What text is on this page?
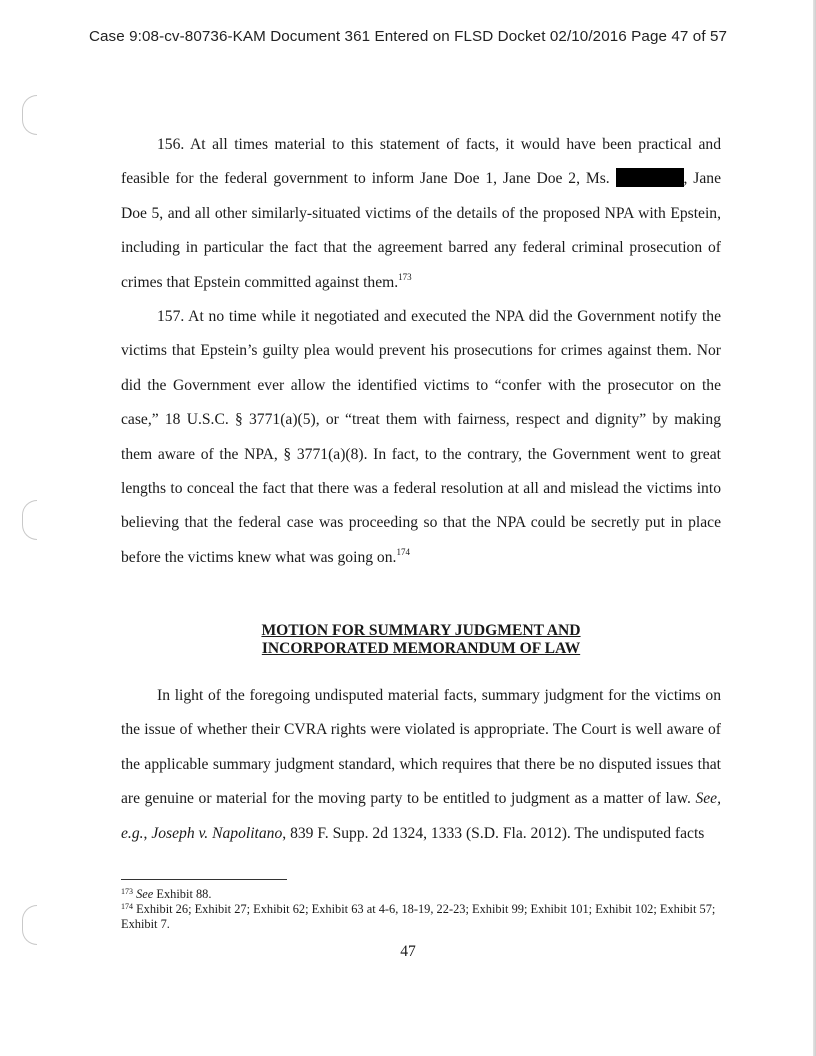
Case 9:08-cv-80736-KAM Document 361 Entered on FLSD Docket 02/10/2016 Page 47 of 57

156. At all times material to this statement of facts, it would have been practical and feasible for the federal government to inform Jane Doe 1, Jane Doe 2, Ms.	, Jane Doe 5, and all other similarly-situated victims of the details of the proposed NPA with Epstein, including in particular the fact that the agreement barred any federal criminal prosecution of crimes that Epstein committed against them.$^{173}$

157. At no time while it negotiated and executed the NPA did the Government notify the victims that Epstein’s guilty plea would prevent his prosecutions for crimes against them. Nor did the Government ever allow the identified victims to “confer with the prosecutor on the case,” 18 U.S.C. § 3771(a)(5), or “treat them with fairness, respect and dignity” by making them aware of the NPA, § 3771(a)(8). In fact, to the contrary, the Government went to great lengths to conceal the fact that there was a federal resolution at all and mislead the victims into believing that the federal case was proceeding so that the NPA could be secretly put in place before the victims knew what was going on.$^{174}$

MOTION FOR SUMMARY JUDGMENT AND
INCORPORATED MEMORANDUM OF LAW

In light of the foregoing undisputed material facts, summary judgment for the victims on the issue of whether their CVRA rights were violated is appropriate. The Court is well aware of the applicable summary judgment standard, which requires that there be no disputed issues that are genuine or material for the moving party to be entitled to judgment as a matter of law. See, e.g., Joseph v. Napolitano, 839 F. Supp. 2d 1324, 1333 (S.D. Fla. 2012). The undisputed facts

$^{173}$ See Exhibit 88.

$^{174}$ Exhibit 26; Exhibit 27; Exhibit 62; Exhibit 63 at 4-6, 18-19, 22-23; Exhibit 99; Exhibit 101; Exhibit 102; Exhibit 57; Exhibit 7.

47
